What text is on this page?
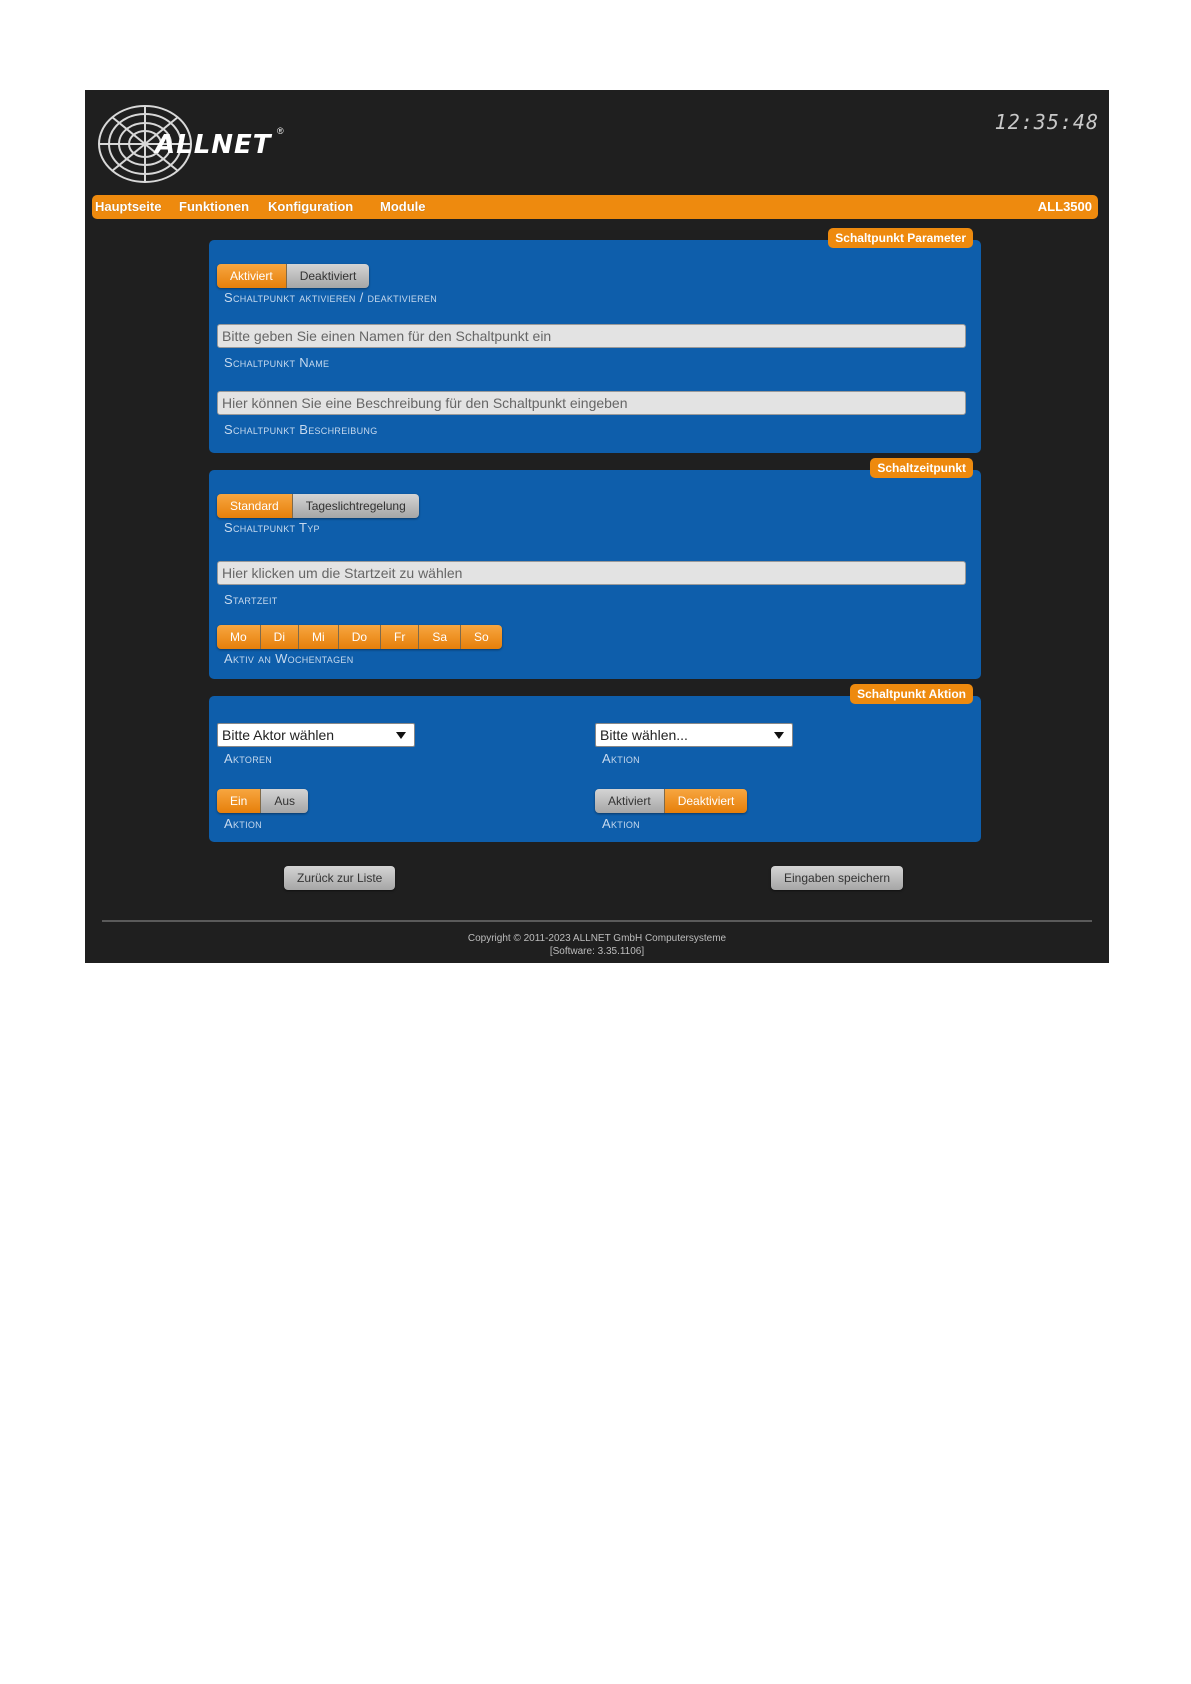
ALLNET ®	12:35:48
Hauptseite Funktionen Konfiguration Module	ALL3500
Schaltpunkt Parameter
Aktiviert	Deaktiviert
Schaltpunkt aktivieren / deaktivieren
Bitte geben Sie einen Namen für den Schaltpunkt ein
Schaltpunkt Name
Hier können Sie eine Beschreibung für den Schaltpunkt eingeben
Schaltpunkt Beschreibung
Schaltzeitpunkt
Standard	Tageslichtregelung
Schaltpunkt Typ
Hier klicken um die Startzeit zu wählen
Startzeit
Mo	Di	Mi	Do	Fr	Sa	So
Aktiv an Wochentagen
Schaltpunkt Aktion
Bitte Aktor wählen
Aktoren
Bitte wählen...
Aktion
Ein	Aus
Aktion
Aktiviert	Deaktiviert
Aktion
Zurück zur Liste	Eingaben speichern
Copyright © 2011-2023 ALLNET GmbH Computersysteme
[Software: 3.35.1106]
